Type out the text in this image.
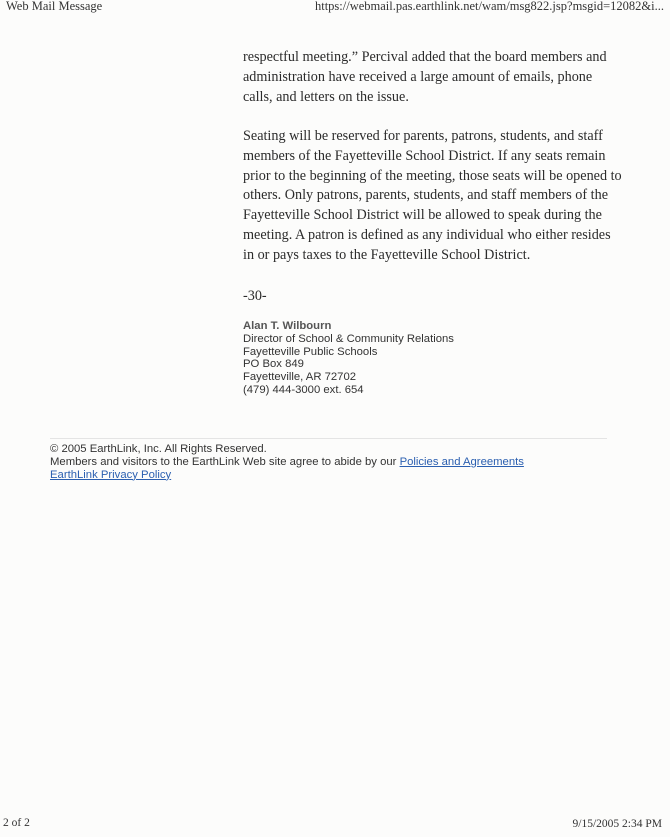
Web Mail Message	https://webmail.pas.earthlink.net/wam/msg822.jsp?msgid=12082&i...
respectful meeting.” Percival added that the board members and
administration have received a large amount of emails, phone
calls, and letters on the issue.
Seating will be reserved for parents, patrons, students, and staff
members of the Fayetteville School District. If any seats remain
prior to the beginning of the meeting, those seats will be opened to
others. Only patrons, parents, students, and staff members of the
Fayetteville School District will be allowed to speak during the
meeting. A patron is defined as any individual who either resides
in or pays taxes to the Fayetteville School District.
-30-
Alan T. Wilbourn
Director of School & Community Relations
Fayetteville Public Schools
PO Box 849
Fayetteville, AR 72702
(479) 444-3000 ext. 654
© 2005 EarthLink, Inc. All Rights Reserved.
Members and visitors to the EarthLink Web site agree to abide by our Policies and Agreements
EarthLink Privacy Policy
2 of 2	9/15/2005 2:34 PM
